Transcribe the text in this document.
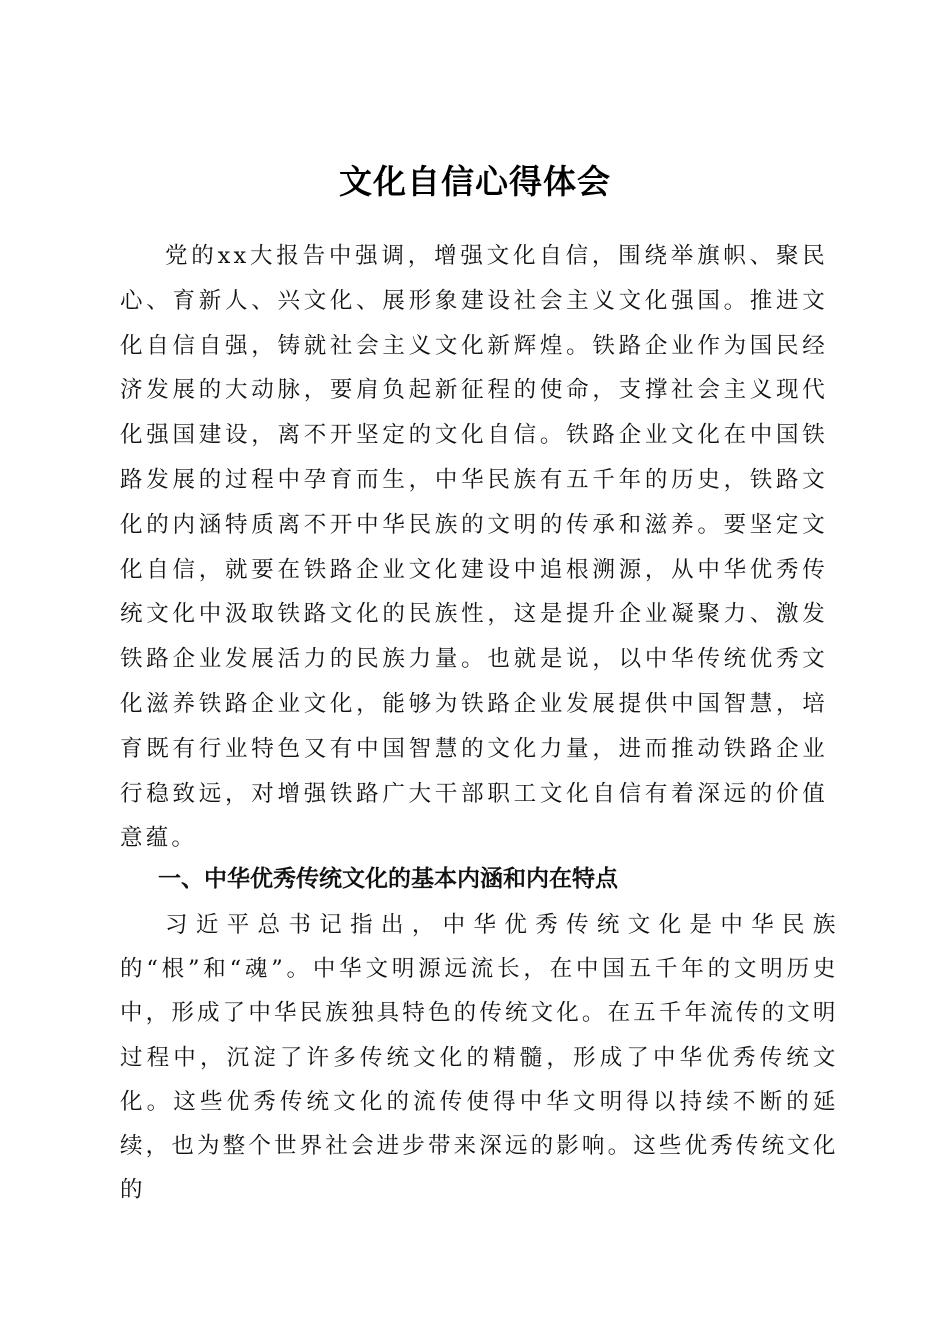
文化自信心得体会

党的xx大报告中强调，增强文化自信，围绕举旗帜、聚民心、育新人、兴文化、展形象建设社会主义文化强国。推进文化自信自强，铸就社会主义文化新辉煌。铁路企业作为国民经济发展的大动脉，要肩负起新征程的使命，支撑社会主义现代化强国建设，离不开坚定的文化自信。铁路企业文化在中国铁路发展的过程中孕育而生，中华民族有五千年的历史，铁路文化的内涵特质离不开中华民族的文明的传承和滋养。要坚定文化自信，就要在铁路企业文化建设中追根溯源，从中华优秀传统文化中汲取铁路文化的民族性，这是提升企业凝聚力、激发铁路企业发展活力的民族力量。也就是说，以中华传统优秀文化滋养铁路企业文化，能够为铁路企业发展提供中国智慧，培育既有行业特色又有中国智慧的文化力量，进而推动铁路企业行稳致远，对增强铁路广大干部职工文化自信有着深远的价值意蕴。

一、中华优秀传统文化的基本内涵和内在特点

习近平总书记指出，中华优秀传统文化是中华民族的“根”和“魂”。中华文明源远流长，在中国五千年的文明历史中，形成了中华民族独具特色的传统文化。在五千年流传的文明过程中，沉淀了许多传统文化的精髓，形成了中华优秀传统文化。这些优秀传统文化的流传使得中华文明得以持续不断的延续，也为整个世界社会进步带来深远的影响。这些优秀传统文化的
